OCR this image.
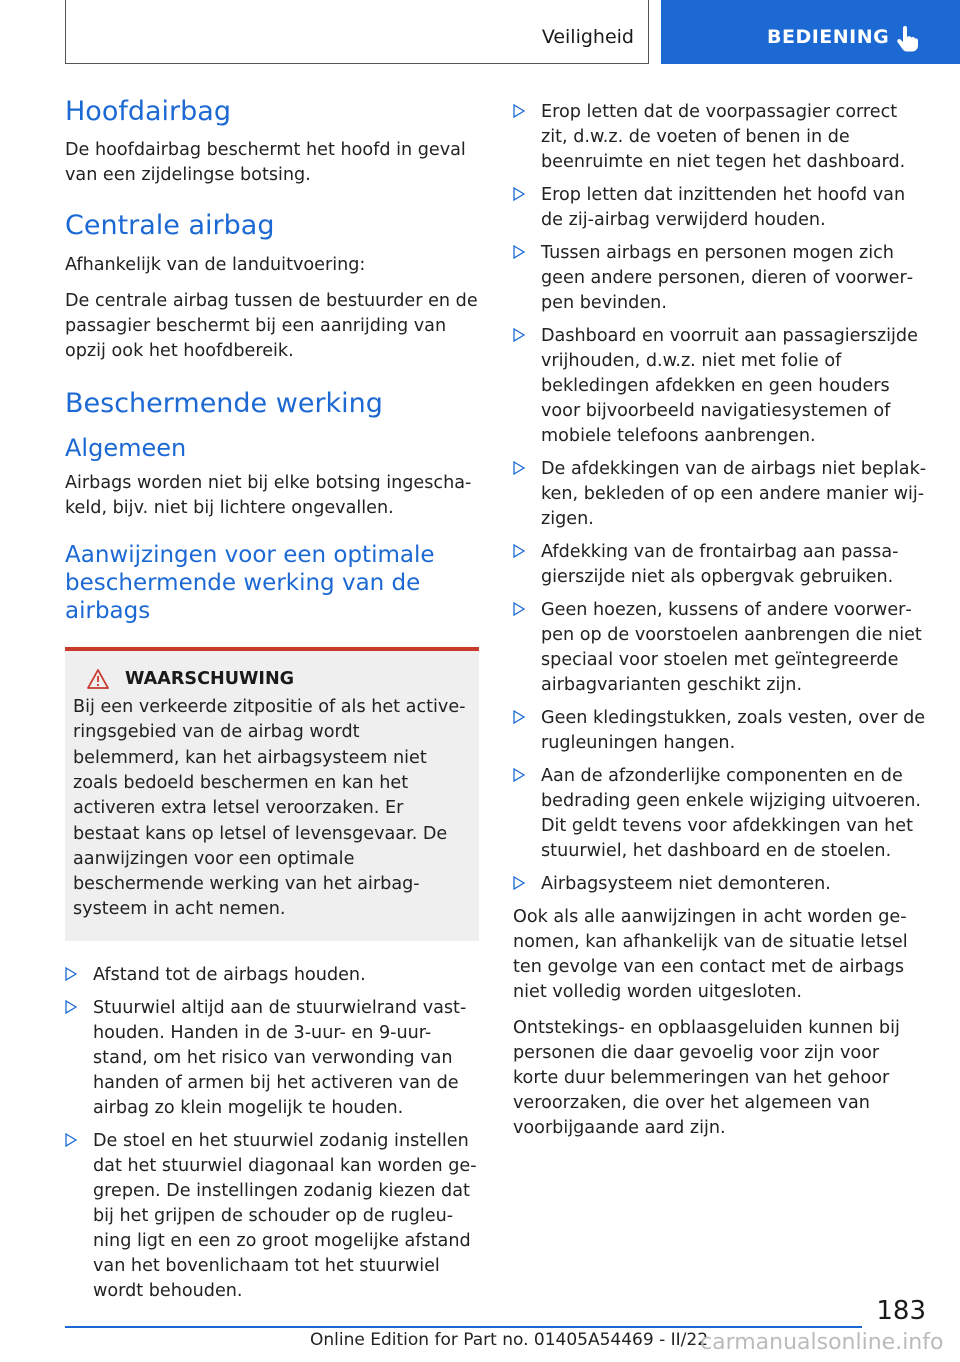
Veiligheid	BEDIENING
Hoofdairbag

De hoofdairbag beschermt het hoofd in geval van een zijdelingse botsing.

Centrale airbag

Afhankelijk van de landuitvoering:

De centrale airbag tussen de bestuurder en de passagier beschermt bij een aanrijding van opzij ook het hoofdbereik.

Beschermende werking
Algemeen

Airbags worden niet bij elke botsing ingeschakeld, bijv. niet bij lichtere ongevallen.

Aanwijzingen voor een optimale beschermende werking van de airbags
WAARSCHUWING

Bij een verkeerde zitpositie of als het activeringsgebied van de airbag wordt belemmerd, kan het airbagsysteem niet zoals bedoeld beschermen en kan het activeren extra letsel veroorzaken. Er bestaat kans op letsel of levensgevaar. De aanwijzingen voor een optimale beschermende werking van het airbagsysteem in acht nemen.

Afstand tot de airbags houden.
Stuurwiel altijd aan de stuurwielrand vasthouden. Handen in de 3-uur- en 9-uur-stand, om het risico van verwonding van handen of armen bij het activeren van de airbag zo klein mogelijk te houden.
De stoel en het stuurwiel zodanig instellen dat het stuurwiel diagonaal kan worden gegrepen. De instellingen zodanig kiezen dat bij het grijpen de schouder op de rugleuning ligt en een zo groot mogelijke afstand van het bovenlichaam tot het stuurwiel wordt behouden.
Erop letten dat de voorpassagier correct zit, d.w.z. de voeten of benen in de beenruimte en niet tegen het dashboard.
Erop letten dat inzittenden het hoofd van de zij-airbag verwijderd houden.
Tussen airbags en personen mogen zich geen andere personen, dieren of voorwerpen bevinden.
Dashboard en voorruit aan passagierszijde vrijhouden, d.w.z. niet met folie of bekledingen afdekken en geen houders voor bijvoorbeeld navigatiesystemen of mobiele telefoons aanbrengen.
De afdekkingen van de airbags niet beplakken, bekleden of op een andere manier wijzigen.
Afdekking van de frontairbag aan passagierszijde niet als opbergvak gebruiken.
Geen hoezen, kussens of andere voorwerpen op de voorstoelen aanbrengen die niet speciaal voor stoelen met geïntegreerde airbagvarianten geschikt zijn.
Geen kledingstukken, zoals vesten, over de rugleuningen hangen.
Aan de afzonderlijke componenten en de bedrading geen enkele wijziging uitvoeren. Dit geldt tevens voor afdekkingen van het stuurwiel, het dashboard en de stoelen.
Airbagsysteem niet demonteren.

Ook als alle aanwijzingen in acht worden genomen, kan afhankelijk van de situatie letsel ten gevolge van een contact met de airbags niet volledig worden uitgesloten.

Ontstekings- en opblaasgeluiden kunnen bij personen die daar gevoelig voor zijn voor korte duur belemmeringen van het gehoor veroorzaken, die over het algemeen van voorbijgaande aard zijn.

183
Online Edition for Part no. 01405A54469 - II/22
carmanualsonline.info
